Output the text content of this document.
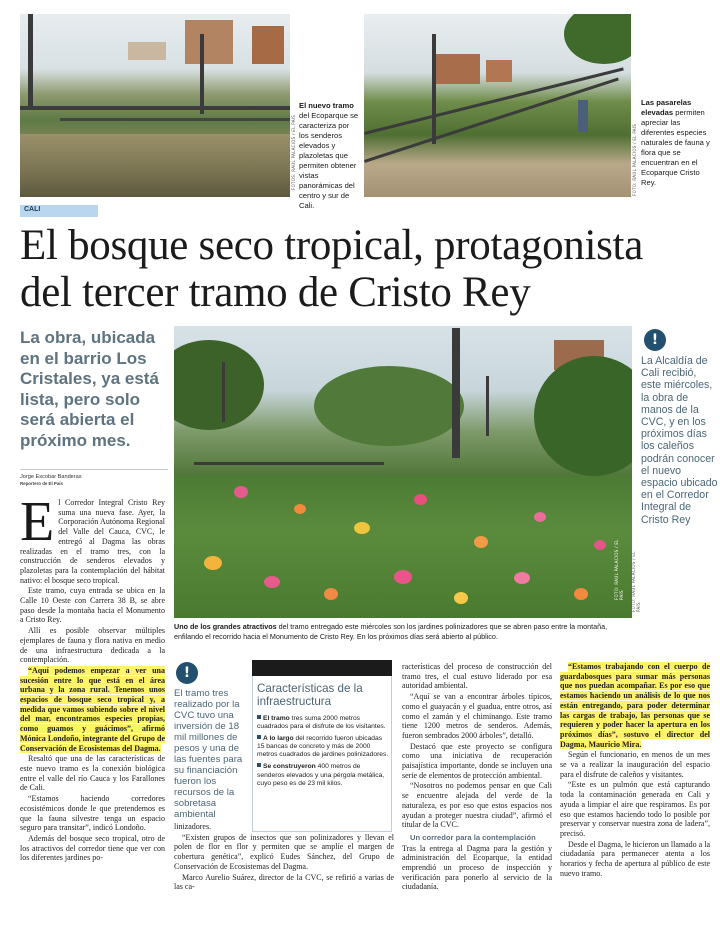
FOTOS: RAÚL PALACIOS / EL PAÍS
El nuevo tramo del Ecoparque se caracteriza por los senderos elevados y plazoletas que permiten obtener vistas panorámicas del centro y sur de Cali.
FOTO: RAÚL PALACIOS / EL PAÍS
Las pasarelas elevadas permiten apreciar las diferentes especies naturales de fauna y flora que se encuentran en el Ecoparque Cristo Rey.
CALI
El bosque seco tropical, protagonista
del tercer tramo de Cristo Rey
La obra, ubicada en el barrio Los Cristales, ya está lista, pero solo será abierta el próximo mes.
Jorge Escobar Banderas
Reportero de El País
FOTO: RAÚL PALACIOS / EL PAÍS
FOTO: RAÚL PALACIOS / EL PAÍS
Uno de los grandes atractivos del tramo entregado este miércoles son los jardines polinizadores que se abren paso entre la montaña, enfilando el recorrido hacia el Monumento de Cristo Rey. En los próximos días será abierto al público.
!
La Alcaldía de Cali recibió, este miércoles, la obra de manos de la CVC, y en los próximos días los caleños podrán conocer el nuevo espacio ubicado en el Corredor Integral de Cristo Rey

El Corredor Integral Cristo Rey suma una nueva fase. Ayer, la Corporación Autónoma Regional del Valle del Cauca, CVC, le entregó al Dagma las obras realizadas en el tramo tres, con la construcción de senderos elevados y plazoletas para la contemplación del hábitat nativo: el bosque seco tropical.

Este tramo, cuya entrada se ubica en la Calle 10 Oeste con Carrera 38 B, se abre paso desde la montaña hacia el Monumento a Cristo Rey.

Allí es posible observar múltiples ejemplares de fauna y flora nativa en medio de una infraestructura dedicada a la contemplación.

“Aquí podemos empezar a ver una sucesión entre lo que está en el área urbana y la zona rural. Tenemos unos espacios de bosque seco tropical y, a medida que vamos subiendo sobre el nivel del mar, encontramos especies propias, como guamos y guácimos”, afirmó Mónica Londoño, integrante del Grupo de Conservación de Ecosistemas del Dagma.

Resaltó que una de las características de este nuevo tramo es la conexión biológica entre el valle del río Cauca y los Farallones de Cali.

“Estamos haciendo corredores ecosistémicos donde le que pretendemos es que la fauna silvestre tenga un espacio seguro para transitar”, indicó Londoño.

Además del bosque seco tropical, otro de los atractivos del corredor tiene que ver con los diferentes jardines po-

!
El tramo tres realizado por la CVC tuvo una inversión de 18 mil millones de pesos y una de las fuentes para su financiación fueron los recursos de la sobretasa ambiental

linizadores.

“Existen grupos de insectos que son polinizadores y llevan el polen de flor en flor y permiten que se amplíe el margen de cobertura genética”, explicó Eudes Sánchez, del Grupo de Conservación de Ecosistemas del Dagma.

Marco Aurelio Suárez, director de la CVC, se refirió a varias de las ca-

Características de la infraestructura
El tramo tres suma 2000 metros cuadrados para el disfrute de los visitantes.
A lo largo del recorrido fueron ubicadas 15 bancas de concreto y más de 2000 metros cuadrados de jardines polinizadores.
Se construyeron 400 metros de senderos elevados y una pérgola metálica, cuyo peso es de 23 mil kilos.

racterísticas del proceso de construcción del tramo tres, el cual estuvo liderado por esa autoridad ambiental.

“Aquí se van a encontrar árboles típicos, como el guayacán y el guadua, entre otros, así como el zamán y el chiminango. Este tramo tiene 1200 metros de senderos. Además, fueron sembrados 2000 árboles”, detalló.

Destacó que este proyecto se configura como una iniciativa de recuperación paisajística importante, donde se incluyen una serie de elementos de protección ambiental.

“Nosotros no podemos pensar en que Cali se encuentre alejada del verde de la naturaleza, es por eso que estos espacios nos ayudan a proteger nuestra ciudad”, afirmó el titular de la CVC.

Un corredor para la contemplación

Tras la entrega al Dagma para la gestión y administración del Ecoparque, la entidad emprendió un proceso de inspección y verificación para ponerlo al servicio de la ciudadanía.

“Estamos trabajando con el cuerpo de guardabosques para sumar más personas que nos puedan acompañar. Es por eso que estamos haciendo un análisis de lo que nos están entregando, para poder determinar las cargas de trabajo, las personas que se requieren y poder hacer la apertura en los próximos días”, sostuvo el director del Dagma, Mauricio Mira.

Según el funcionario, en menos de un mes se va a realizar la inauguración del espacio para el disfrute de caleños y visitantes.

“Este es un pulmón que está capturando toda la contaminación generada en Cali y ayuda a limpiar el aire que respiramos. Es por eso que estamos haciendo todo lo posible por preservar y conservar nuestra zona de ladera”, precisó.

Desde el Dagma, le hicieron un llamado a la ciudadanía para permanecer atenta a los horarios y fecha de apertura al público de este nuevo tramo.
